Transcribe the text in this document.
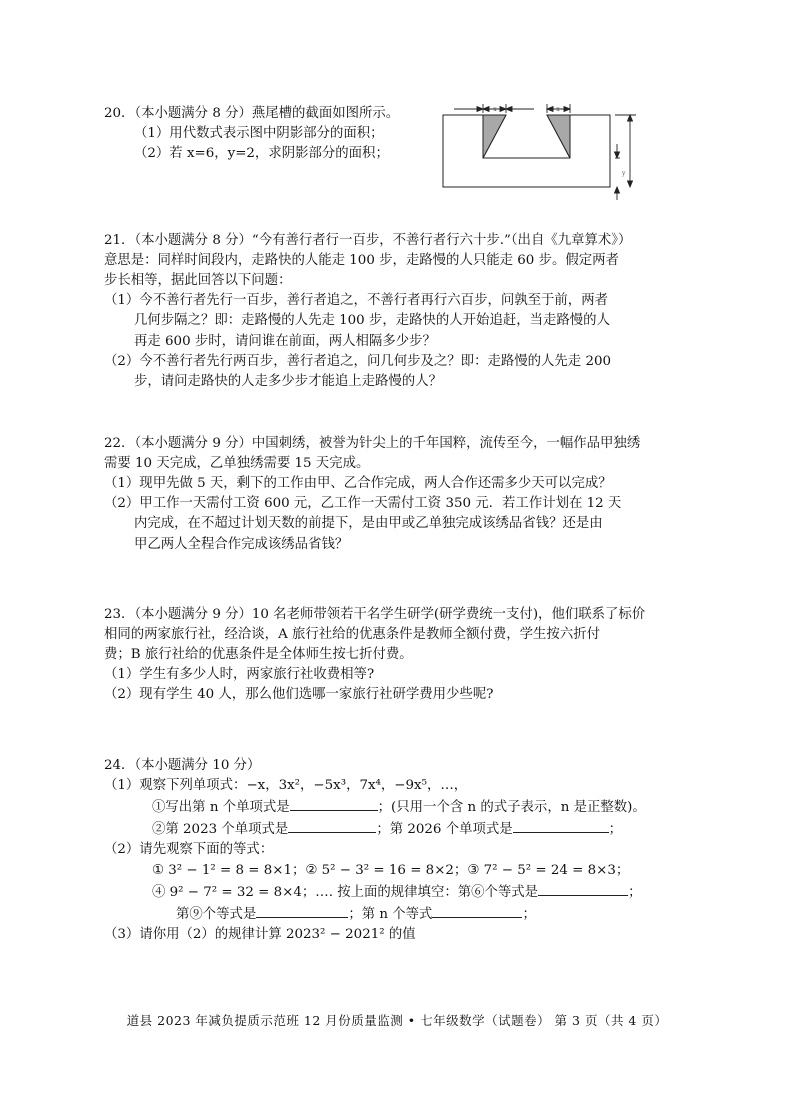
20．（本小题满分 8 分）燕尾槽的截面如图所示。
（1）用代数式表示图中阴影部分的面积；
（2）若 x=6，y=2，求阴影部分的面积；
x	x
y
21．（本小题满分 8 分）“今有善行者行一百步，不善行者行六十步.”（出自《九章算术》）
意思是：同样时间段内，走路快的人能走 100 步，走路慢的人只能走 60 步。假定两者
步长相等，据此回答以下问题：
（1）今不善行者先行一百步，善行者追之，不善行者再行六百步，问孰至于前，两者
几何步隔之？即：走路慢的人先走 100 步，走路快的人开始追赶，当走路慢的人
再走 600 步时，请问谁在前面，两人相隔多少步？
（2）今不善行者先行两百步，善行者追之，问几何步及之？即：走路慢的人先走 200
步，请问走路快的人走多少步才能追上走路慢的人？
22．（本小题满分 9 分）中国刺绣，被誉为针尖上的千年国粹，流传至今，一幅作品甲独绣
需要 10 天完成，乙单独绣需要 15 天完成。
（1）现甲先做 5 天，剩下的工作由甲、乙合作完成，两人合作还需多少天可以完成？
（2）甲工作一天需付工资 600 元，乙工作一天需付工资 350 元．若工作计划在 12 天
内完成，在不超过计划天数的前提下，是由甲或乙单独完成该绣品省钱？还是由
甲乙两人全程合作完成该绣品省钱？
23．（本小题满分 9 分）10 名老师带领若干名学生研学(研学费统一支付)，他们联系了标价
相同的两家旅行社，经洽谈，A 旅行社给的优惠条件是教师全额付费，学生按六折付
费；B 旅行社给的优惠条件是全体师生按七折付费。
（1）学生有多少人时，两家旅行社收费相等?
（2）现有学生 40 人，那么他们选哪一家旅行社研学费用少些呢?
24．（本小题满分 10 分）
（1）观察下列单项式：−x，3x²，−5x³，7x⁴，−9x⁵，…，
①写出第 n 个单项式是	；(只用一个含 n 的式子表示，n 是正整数)。
②第 2023 个单项式是	；第 2026 个单项式是	；
（2）请先观察下面的等式：
① 3² − 1² = 8 = 8×1；② 5² − 3² = 16 = 8×2；③ 7² − 5² = 24 = 8×3；
④ 9² − 7² = 32 = 8×4；…. 按上面的规律填空：第⑥个等式是	；
第⑨个等式是	；第 n 个等式	；
（3）请你用（2）的规律计算 2023² − 2021² 的值
道县 2023 年减负提质示范班 12 月份质量监测 • 七年级数学（试题卷） 第 3 页（共 4 页）
